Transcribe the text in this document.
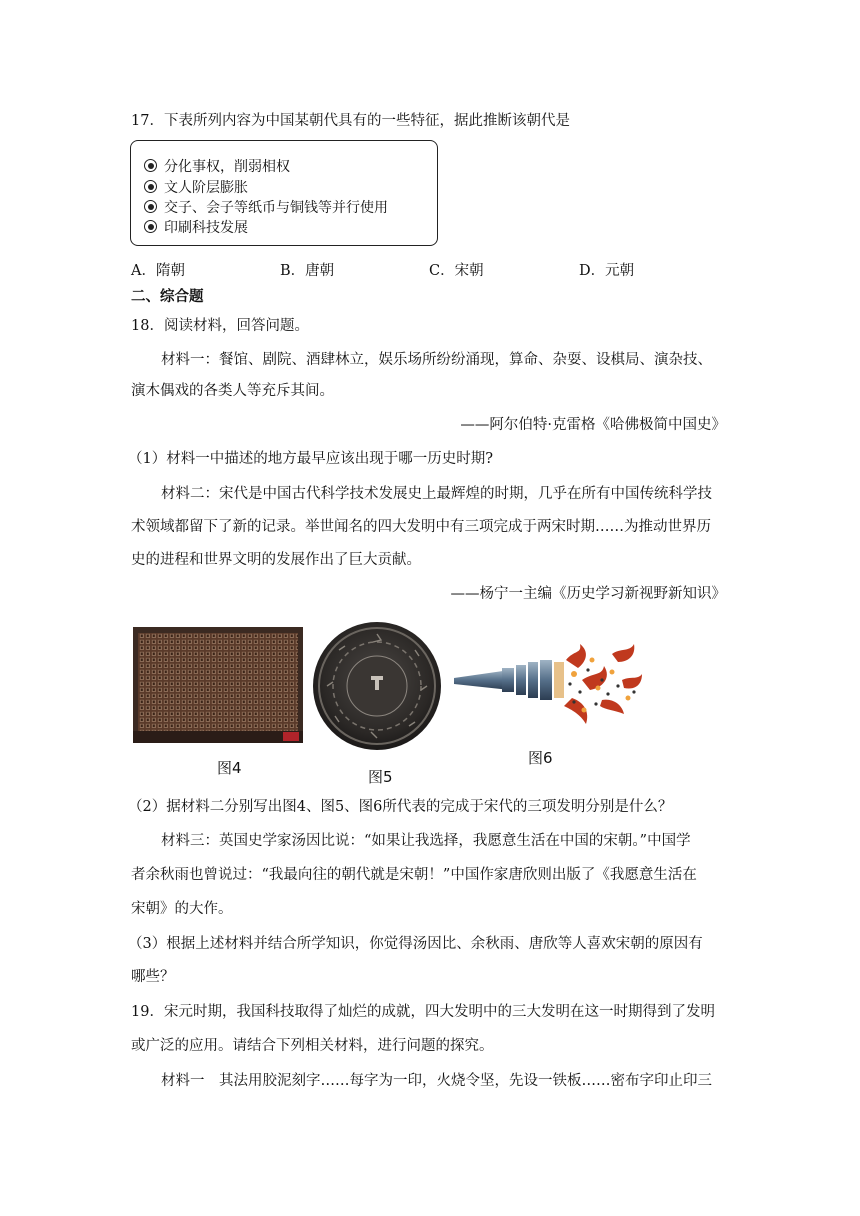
17．下表所列内容为中国某朝代具有的一些特征，据此推断该朝代是
分化事权，削弱相权
文人阶层膨胀
交子、会子等纸币与铜钱等并行使用
印刷科技发展
A．隋朝	B．唐朝	C．宋朝	D．元朝
二、综合题
18．阅读材料，回答问题。
材料一：餐馆、剧院、酒肆林立，娱乐场所纷纷涌现，算命、杂耍、设棋局、演杂技、
演木偶戏的各类人等充斥其间。
——阿尔伯特·克雷格《哈佛极简中国史》
（1）材料一中描述的地方最早应该出现于哪一历史时期?
材料二：宋代是中国古代科学技术发展史上最辉煌的时期，几乎在所有中国传统科学技
术领域都留下了新的记录。举世闻名的四大发明中有三项完成于两宋时期……为推动世界历
史的进程和世界文明的发展作出了巨大贡献。
——杨宁一主编《历史学习新视野新知识》
图4	图5
图6
（2）据材料二分别写出图4、图5、图6所代表的完成于宋代的三项发明分别是什么？
材料三：英国史学家汤因比说：“如果让我选择，我愿意生活在中国的宋朝。”中国学
者余秋雨也曾说过：“我最向往的朝代就是宋朝！”中国作家唐欣则出版了《我愿意生活在
宋朝》的大作。
（3）根据上述材料并结合所学知识，你觉得汤因比、余秋雨、唐欣等人喜欢宋朝的原因有
哪些？
19．宋元时期，我国科技取得了灿烂的成就，四大发明中的三大发明在这一时期得到了发明
或广泛的应用。请结合下列相关材料，进行问题的探究。
材料一　其法用胶泥刻字……每字为一印，火烧令坚，先设一铁板……密布字印止印三
